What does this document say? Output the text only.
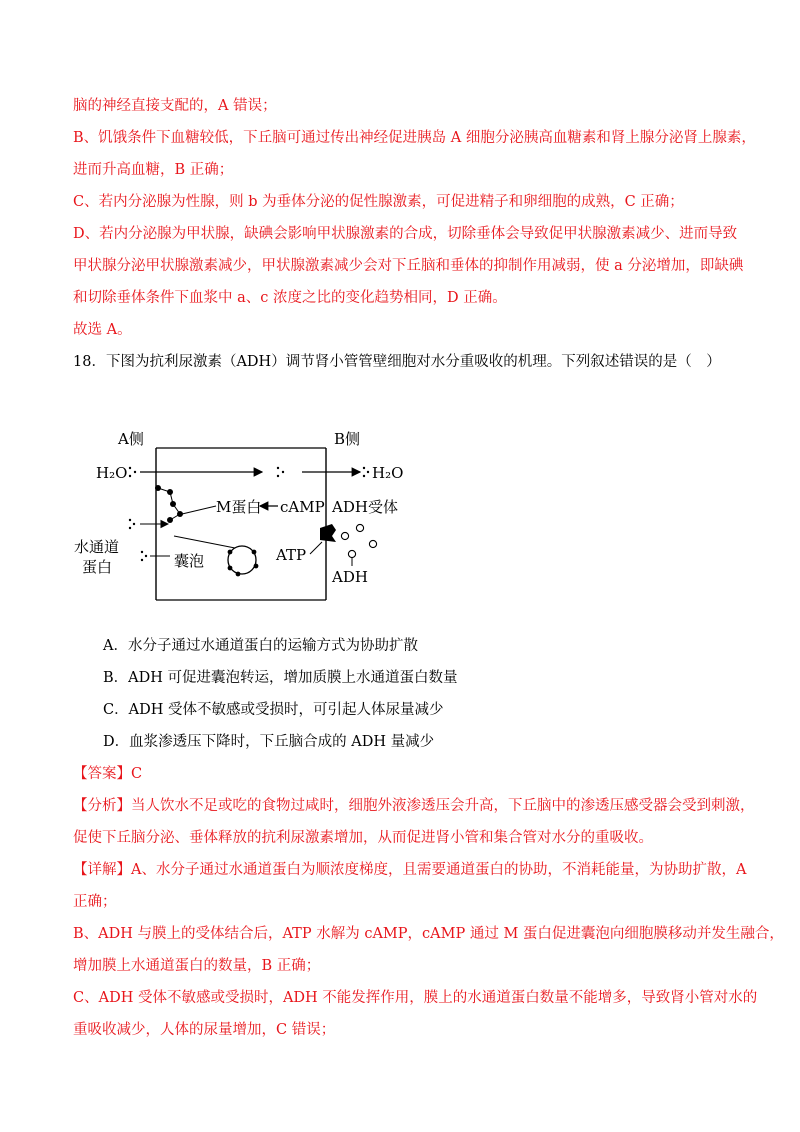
脑的神经直接支配的，A 错误；
B、饥饿条件下血糖较低，下丘脑可通过传出神经促进胰岛 A 细胞分泌胰高血糖素和肾上腺分泌肾上腺素，
进而升高血糖，B 正确；
C、若内分泌腺为性腺，则 b 为垂体分泌的促性腺激素，可促进精子和卵细胞的成熟，C 正确；
D、若内分泌腺为甲状腺，缺碘会影响甲状腺激素的合成，切除垂体会导致促甲状腺激素减少、进而导致
甲状腺分泌甲状腺激素减少，甲状腺激素减少会对下丘脑和垂体的抑制作用减弱，使 a 分泌增加，即缺碘
和切除垂体条件下血浆中 a、c 浓度之比的变化趋势相同，D 正确。
故选 A。
18．下图为抗利尿激素（ADH）调节肾小管管壁细胞对水分重吸收的机理。下列叙述错误的是（　）
A侧	B侧
H₂O	H₂O
M蛋白 cAMP ADH受体
ADH
ATP
囊泡
水通道
蛋白
A．水分子通过水通道蛋白的运输方式为协助扩散
B．ADH 可促进囊泡转运，增加质膜上水通道蛋白数量
C．ADH 受体不敏感或受损时，可引起人体尿量减少
D．血浆渗透压下降时，下丘脑合成的 ADH 量减少
【答案】C
【分析】当人饮水不足或吃的食物过咸时，细胞外液渗透压会升高，下丘脑中的渗透压感受器会受到刺激，
促使下丘脑分泌、垂体释放的抗利尿激素增加，从而促进肾小管和集合管对水分的重吸收。
【详解】A、水分子通过水通道蛋白为顺浓度梯度，且需要通道蛋白的协助，不消耗能量，为协助扩散，A
正确；
B、ADH 与膜上的受体结合后，ATP 水解为 cAMP，cAMP 通过 M 蛋白促进囊泡向细胞膜移动并发生融合，
增加膜上水通道蛋白的数量，B 正确；
C、ADH 受体不敏感或受损时，ADH 不能发挥作用，膜上的水通道蛋白数量不能增多，导致肾小管对水的
重吸收减少，人体的尿量增加，C 错误；
